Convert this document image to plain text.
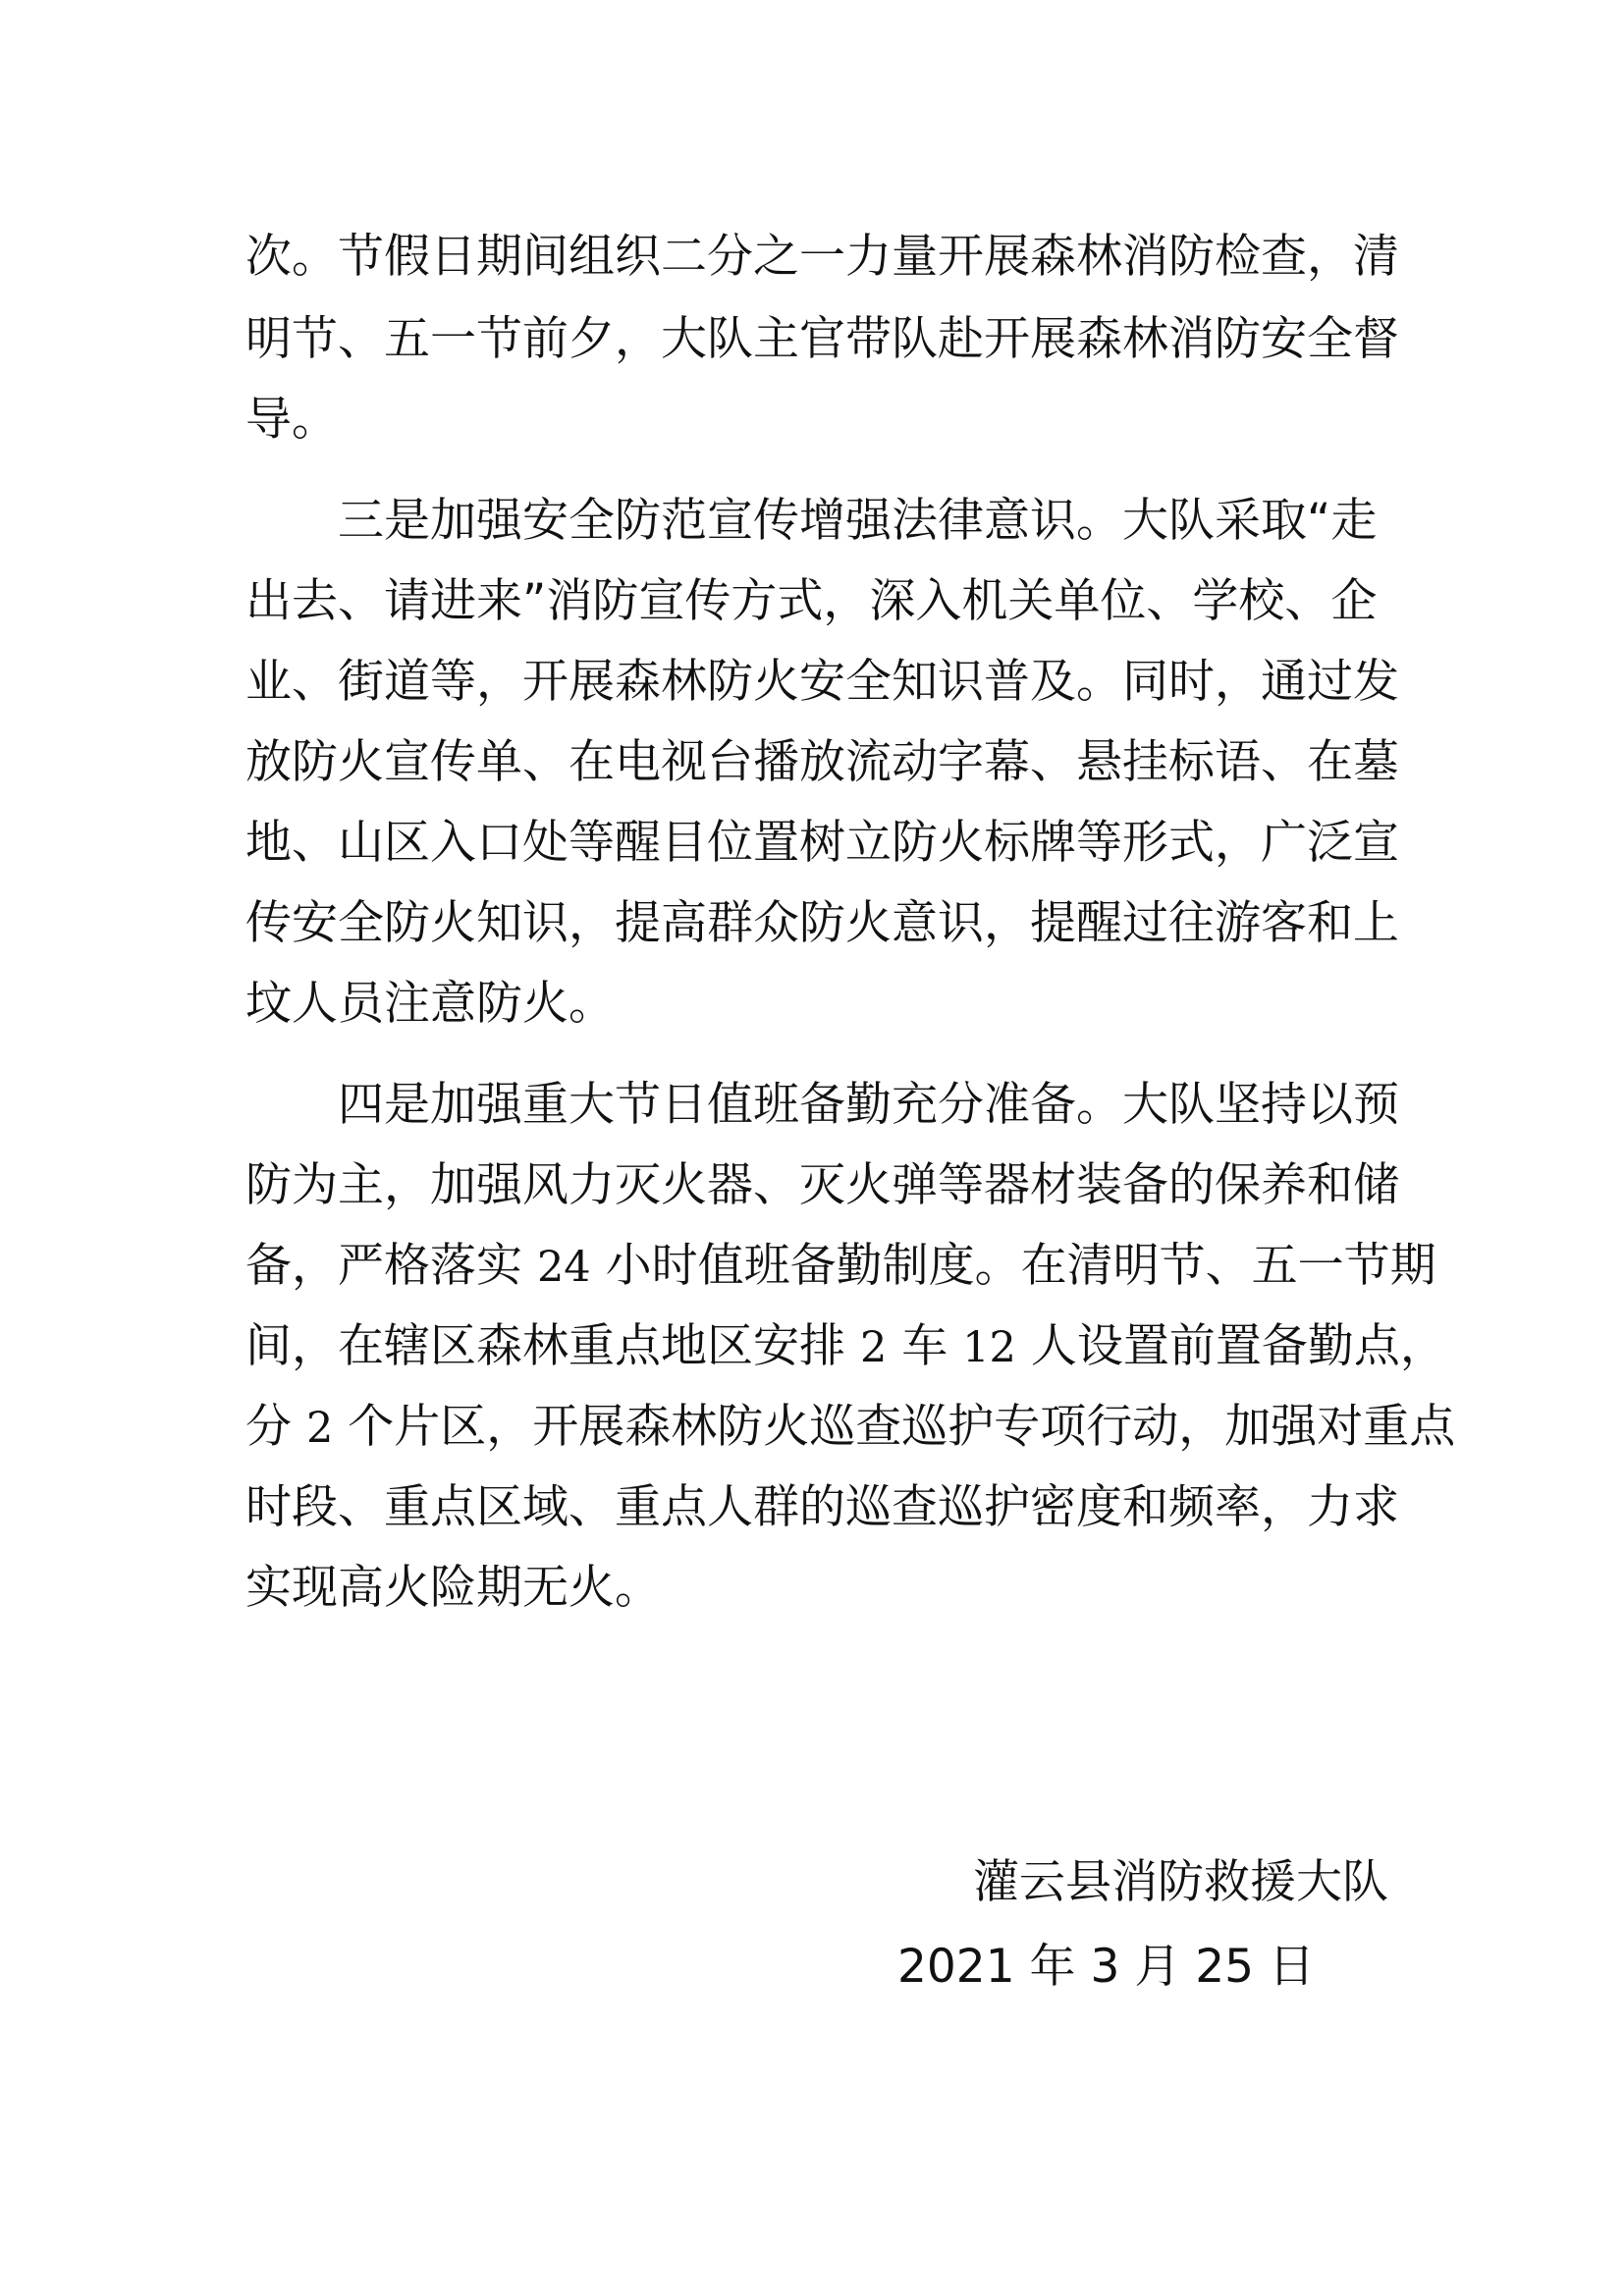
次。节假日期间组织二分之一力量开展森林消防检查，清

明节、五一节前夕，大队主官带队赴开展森林消防安全督

导。

三是加强安全防范宣传增强法律意识。大队采取“走

出去、请进来”消防宣传方式，深入机关单位、学校、企

业、街道等，开展森林防火安全知识普及。同时，通过发

放防火宣传单、在电视台播放流动字幕、悬挂标语、在墓

地、山区入口处等醒目位置树立防火标牌等形式，广泛宣

传安全防火知识，提高群众防火意识，提醒过往游客和上

坟人员注意防火。

四是加强重大节日值班备勤充分准备。大队坚持以预

防为主，加强风力灭火器、灭火弹等器材装备的保养和储

备，严格落实 24 小时值班备勤制度。在清明节、五一节期

间，在辖区森林重点地区安排 2 车 12 人设置前置备勤点，

分 2 个片区，开展森林防火巡查巡护专项行动，加强对重点

时段、重点区域、重点人群的巡查巡护密度和频率，力求

实现高火险期无火。

灌云县消防救援大队

2021 年 3 月 25 日
